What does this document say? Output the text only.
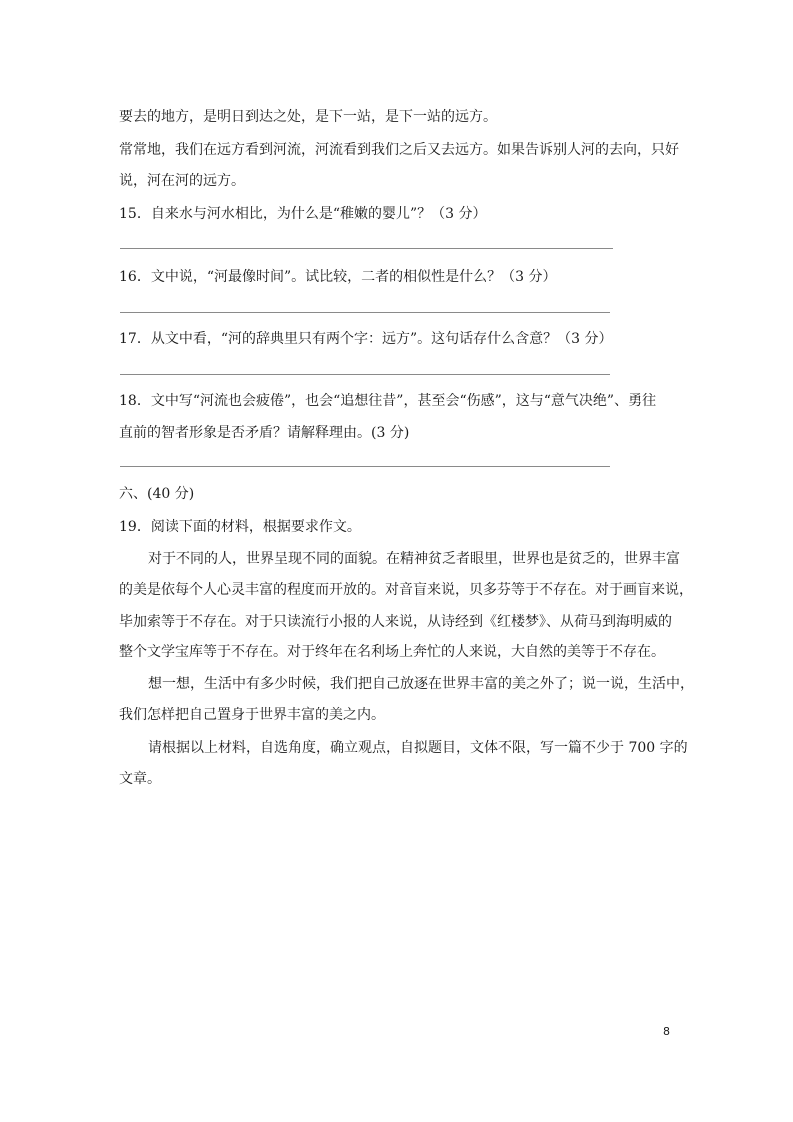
要去的地方，是明日到达之处，是下一站，是下一站的远方。
常常地，我们在远方看到河流，河流看到我们之后又去远方。如果告诉别人河的去向，只好
说，河在河的远方。
15．自来水与河水相比，为什么是“稚嫩的婴儿”？（3 分）
16．文中说，“河最像时间”。试比较，二者的相似性是什么？（3 分）
17．从文中看，“河的辞典里只有两个字：远方”。这句话存什么含意？（3 分）
18．文中写“河流也会疲倦”，也会“追想往昔”，甚至会“伤感”，这与“意气决绝”、勇往
直前的智者形象是否矛盾？请解释理由。(3 分)
六、(40 分)
19．阅读下面的材料，根据要求作文。
对于不同的人，世界呈现不同的面貌。在精神贫乏者眼里，世界也是贫乏的，世界丰富
的美是依每个人心灵丰富的程度而开放的。对音盲来说，贝多芬等于不存在。对于画盲来说，
毕加索等于不存在。对于只读流行小报的人来说，从诗经到《红楼梦》、从荷马到海明威的
整个文学宝库等于不存在。对于终年在名利场上奔忙的人来说，大自然的美等于不存在。
想一想，生活中有多少时候，我们把自己放逐在世界丰富的美之外了；说一说，生活中，
我们怎样把自己置身于世界丰富的美之内。
请根据以上材料，自选角度，确立观点，自拟题目，文体不限，写一篇不少于 700 字的
文章。
8
